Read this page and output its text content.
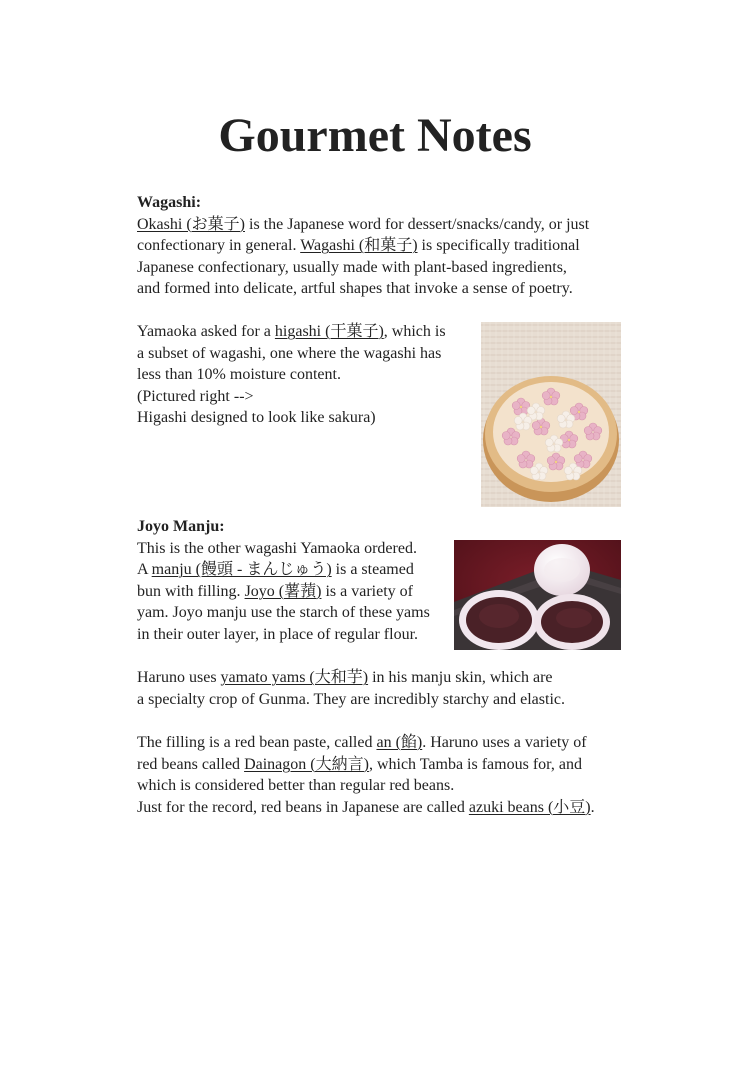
Gourmet Notes
Wagashi:
Okashi (お菓子) is the Japanese word for dessert/snacks/candy, or just
confectionary in general. Wagashi (和菓子) is specifically traditional
Japanese confectionary, usually made with plant-based ingredients,
and formed into delicate, artful shapes that invoke a sense of poetry.
Yamaoka asked for a higashi (干菓子), which is
a subset of wagashi, one where the wagashi has
less than 10% moisture content.
(Pictured right -->
Higashi designed to look like sakura)
Joyo Manju:
This is the other wagashi Yamaoka ordered.
A manju (饅頭 - まんじゅう) is a steamed
bun with filling. Joyo (薯蕷) is a variety of
yam. Joyo manju use the starch of these yams
in their outer layer, in place of regular flour.
Haruno uses yamato yams (大和芋) in his manju skin, which are
a specialty crop of Gunma. They are incredibly starchy and elastic.
The filling is a red bean paste, called an (餡). Haruno uses a variety of
red beans called Dainagon (大納言), which Tamba is famous for, and
which is considered better than regular red beans.
Just for the record, red beans in Japanese are called azuki beans (小豆).
